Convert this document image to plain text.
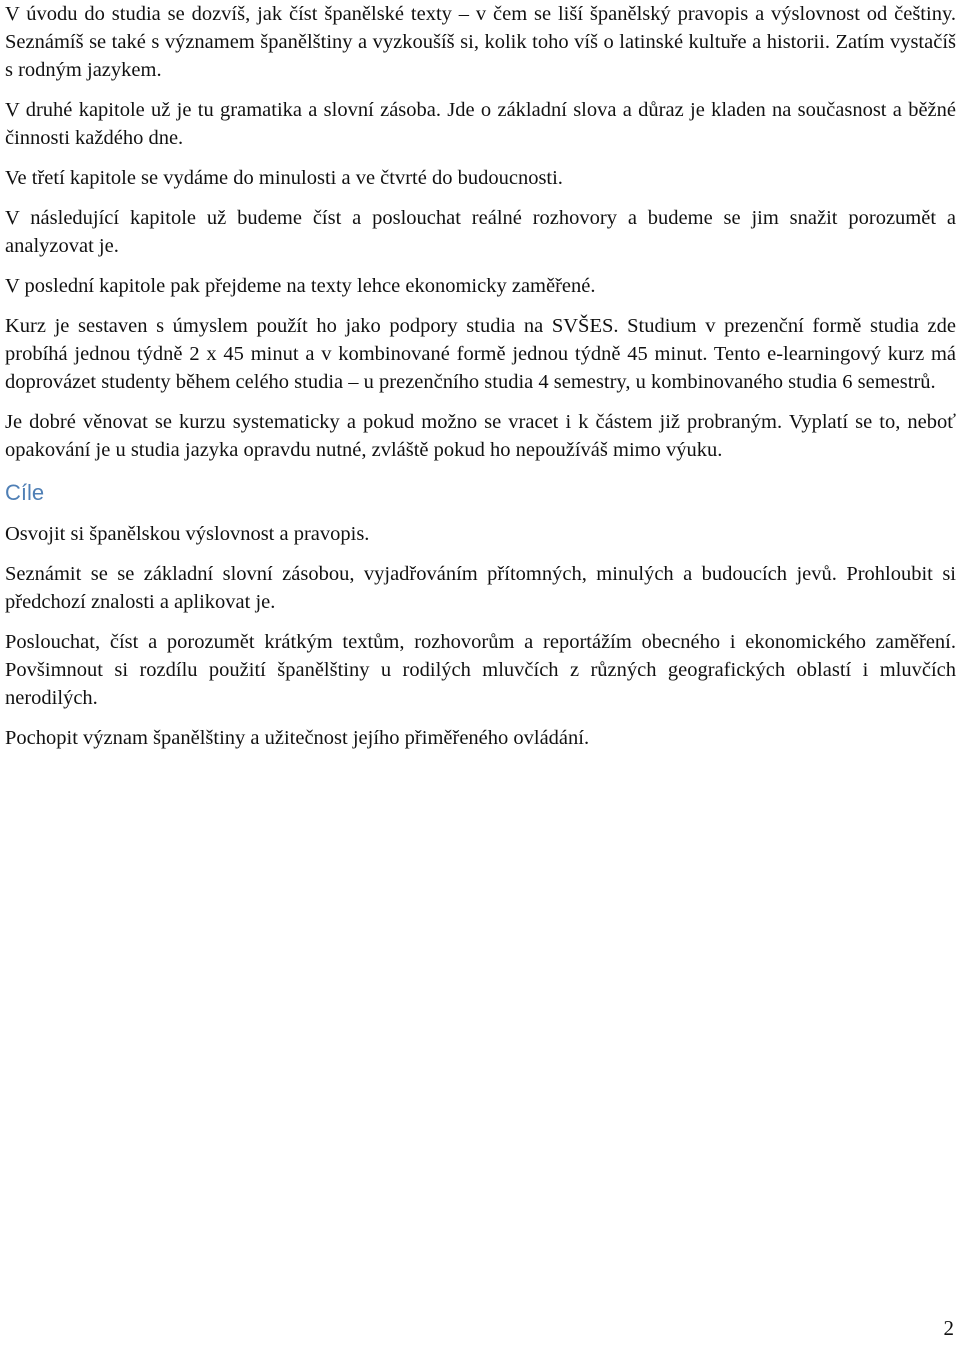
V úvodu do studia se dozvíš, jak číst španělské texty – v čem se liší španělský pravopis a výslovnost od češtiny. Seznámíš se také s významem španělštiny a vyzkoušíš si, kolik toho víš o latinské kultuře a historii. Zatím vystačíš s rodným jazykem.

V druhé kapitole už je tu gramatika a slovní zásoba. Jde o základní slova a důraz je kladen na současnost a běžné činnosti každého dne.

Ve třetí kapitole se vydáme do minulosti a ve čtvrté do budoucnosti.

V následující kapitole už budeme číst a poslouchat reálné rozhovory a budeme se jim snažit porozumět a analyzovat je.

V poslední kapitole pak přejdeme na texty lehce ekonomicky zaměřené.

Kurz je sestaven s úmyslem použít ho jako podpory studia na SVŠES. Studium v prezenční formě studia zde probíhá jednou týdně 2 x 45 minut a v kombinované formě jednou týdně 45 minut. Tento e-learningový kurz má doprovázet studenty během celého studia – u prezenčního studia 4 semestry, u kombinovaného studia 6 semestrů.

Je dobré věnovat se kurzu systematicky a pokud možno se vracet i k částem již probraným. Vyplatí se to, neboť opakování je u studia jazyka opravdu nutné, zvláště pokud ho nepoužíváš mimo výuku.

Cíle

Osvojit si španělskou výslovnost a pravopis.

Seznámit se se základní slovní zásobou, vyjadřováním přítomných, minulých a budoucích jevů. Prohloubit si předchozí znalosti a aplikovat je.

Poslouchat, číst a porozumět krátkým textům, rozhovorům a reportážím obecného i ekonomického zaměření. Povšimnout si rozdílu použití španělštiny u rodilých mluvčích z různých geografických oblastí i mluvčích nerodilých.

Pochopit význam španělštiny a užitečnost jejího přiměřeného ovládání.

2
